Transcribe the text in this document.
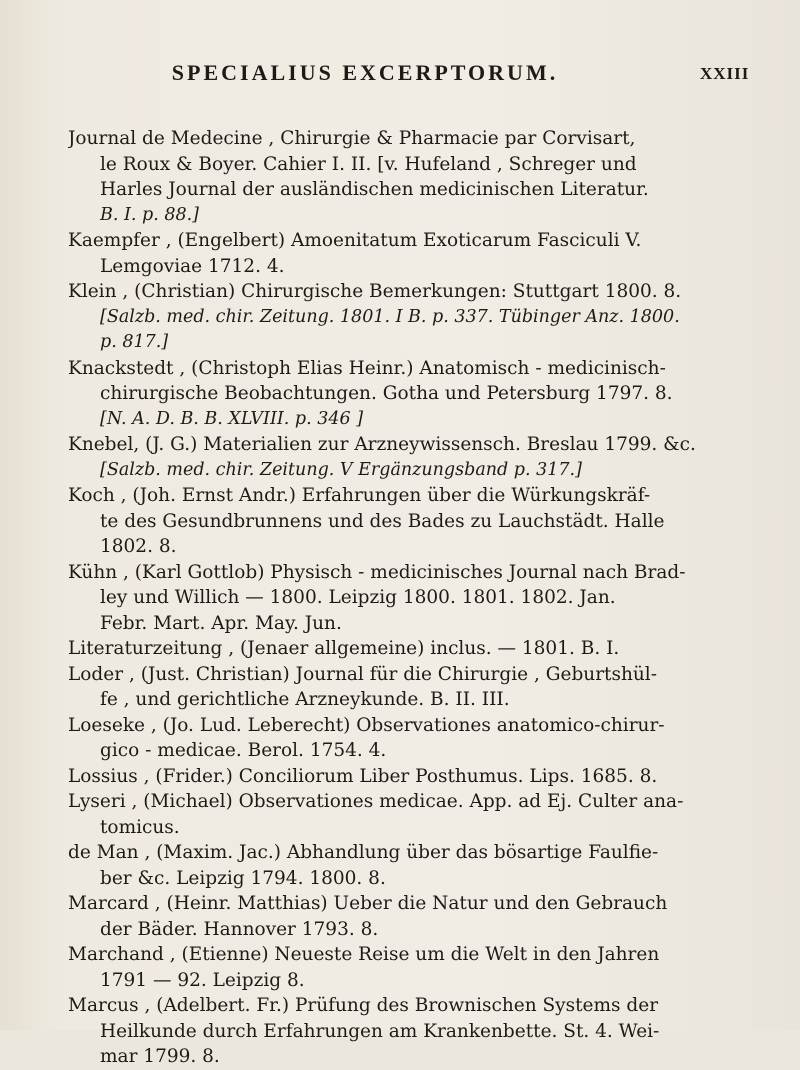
SPECIALIUS EXCERPTORUM.	XXIII
Journal de Medecine , Chirurgie & Pharmacie par Corvisart,
le Roux & Boyer. Cahier I. II. [v. Hufeland , Schreger und
Harles Journal der ausländischen medicinischen Literatur.
B. I. p. 88.]
Kaempfer , (Engelbert) Amoenitatum Exoticarum Fasciculi V.
Lemgoviae 1712. 4.
Klein , (Christian) Chirurgische Bemerkungen: Stuttgart 1800. 8.
[Salzb. med. chir. Zeitung. 1801. I B. p. 337. Tübinger Anz. 1800.
p. 817.]
Knackstedt , (Christoph Elias Heinr.) Anatomisch - medicinisch-
chirurgische Beobachtungen. Gotha und Petersburg 1797. 8.
[N. A. D. B. B. XLVIII. p. 346 ]
Knebel, (J. G.) Materialien zur Arzneywissensch. Breslau 1799. &c.
[Salzb. med. chir. Zeitung. V Ergänzungsband p. 317.]
Koch , (Joh. Ernst Andr.) Erfahrungen über die Würkungskräf-
te des Gesundbrunnens und des Bades zu Lauchstädt. Halle
1802. 8.
Kühn , (Karl Gottlob) Physisch - medicinisches Journal nach Brad-
ley und Willich — 1800. Leipzig 1800. 1801. 1802. Jan.
Febr. Mart. Apr. May. Jun.
Literaturzeitung , (Jenaer allgemeine) inclus. — 1801. B. I.
Loder , (Just. Christian) Journal für die Chirurgie , Geburtshül-
fe , und gerichtliche Arzneykunde. B. II. III.
Loeseke , (Jo. Lud. Leberecht) Observationes anatomico-chirur-
gico - medicae. Berol. 1754. 4.
Lossius , (Frider.) Conciliorum Liber Posthumus. Lips. 1685. 8.
Lyseri , (Michael) Observationes medicae. App. ad Ej. Culter ana-
tomicus.
de Man , (Maxim. Jac.) Abhandlung über das bösartige Faulfie-
ber &c. Leipzig 1794. 1800. 8.
Marcard , (Heinr. Matthias) Ueber die Natur und den Gebrauch
der Bäder. Hannover 1793. 8.
Marchand , (Etienne) Neueste Reise um die Welt in den Jahren
1791 — 92. Leipzig 8.
Marcus , (Adelbert. Fr.) Prüfung des Brownischen Systems der
Heilkunde durch Erfahrungen am Krankenbette. St. 4. Wei-
mar 1799. 8.
